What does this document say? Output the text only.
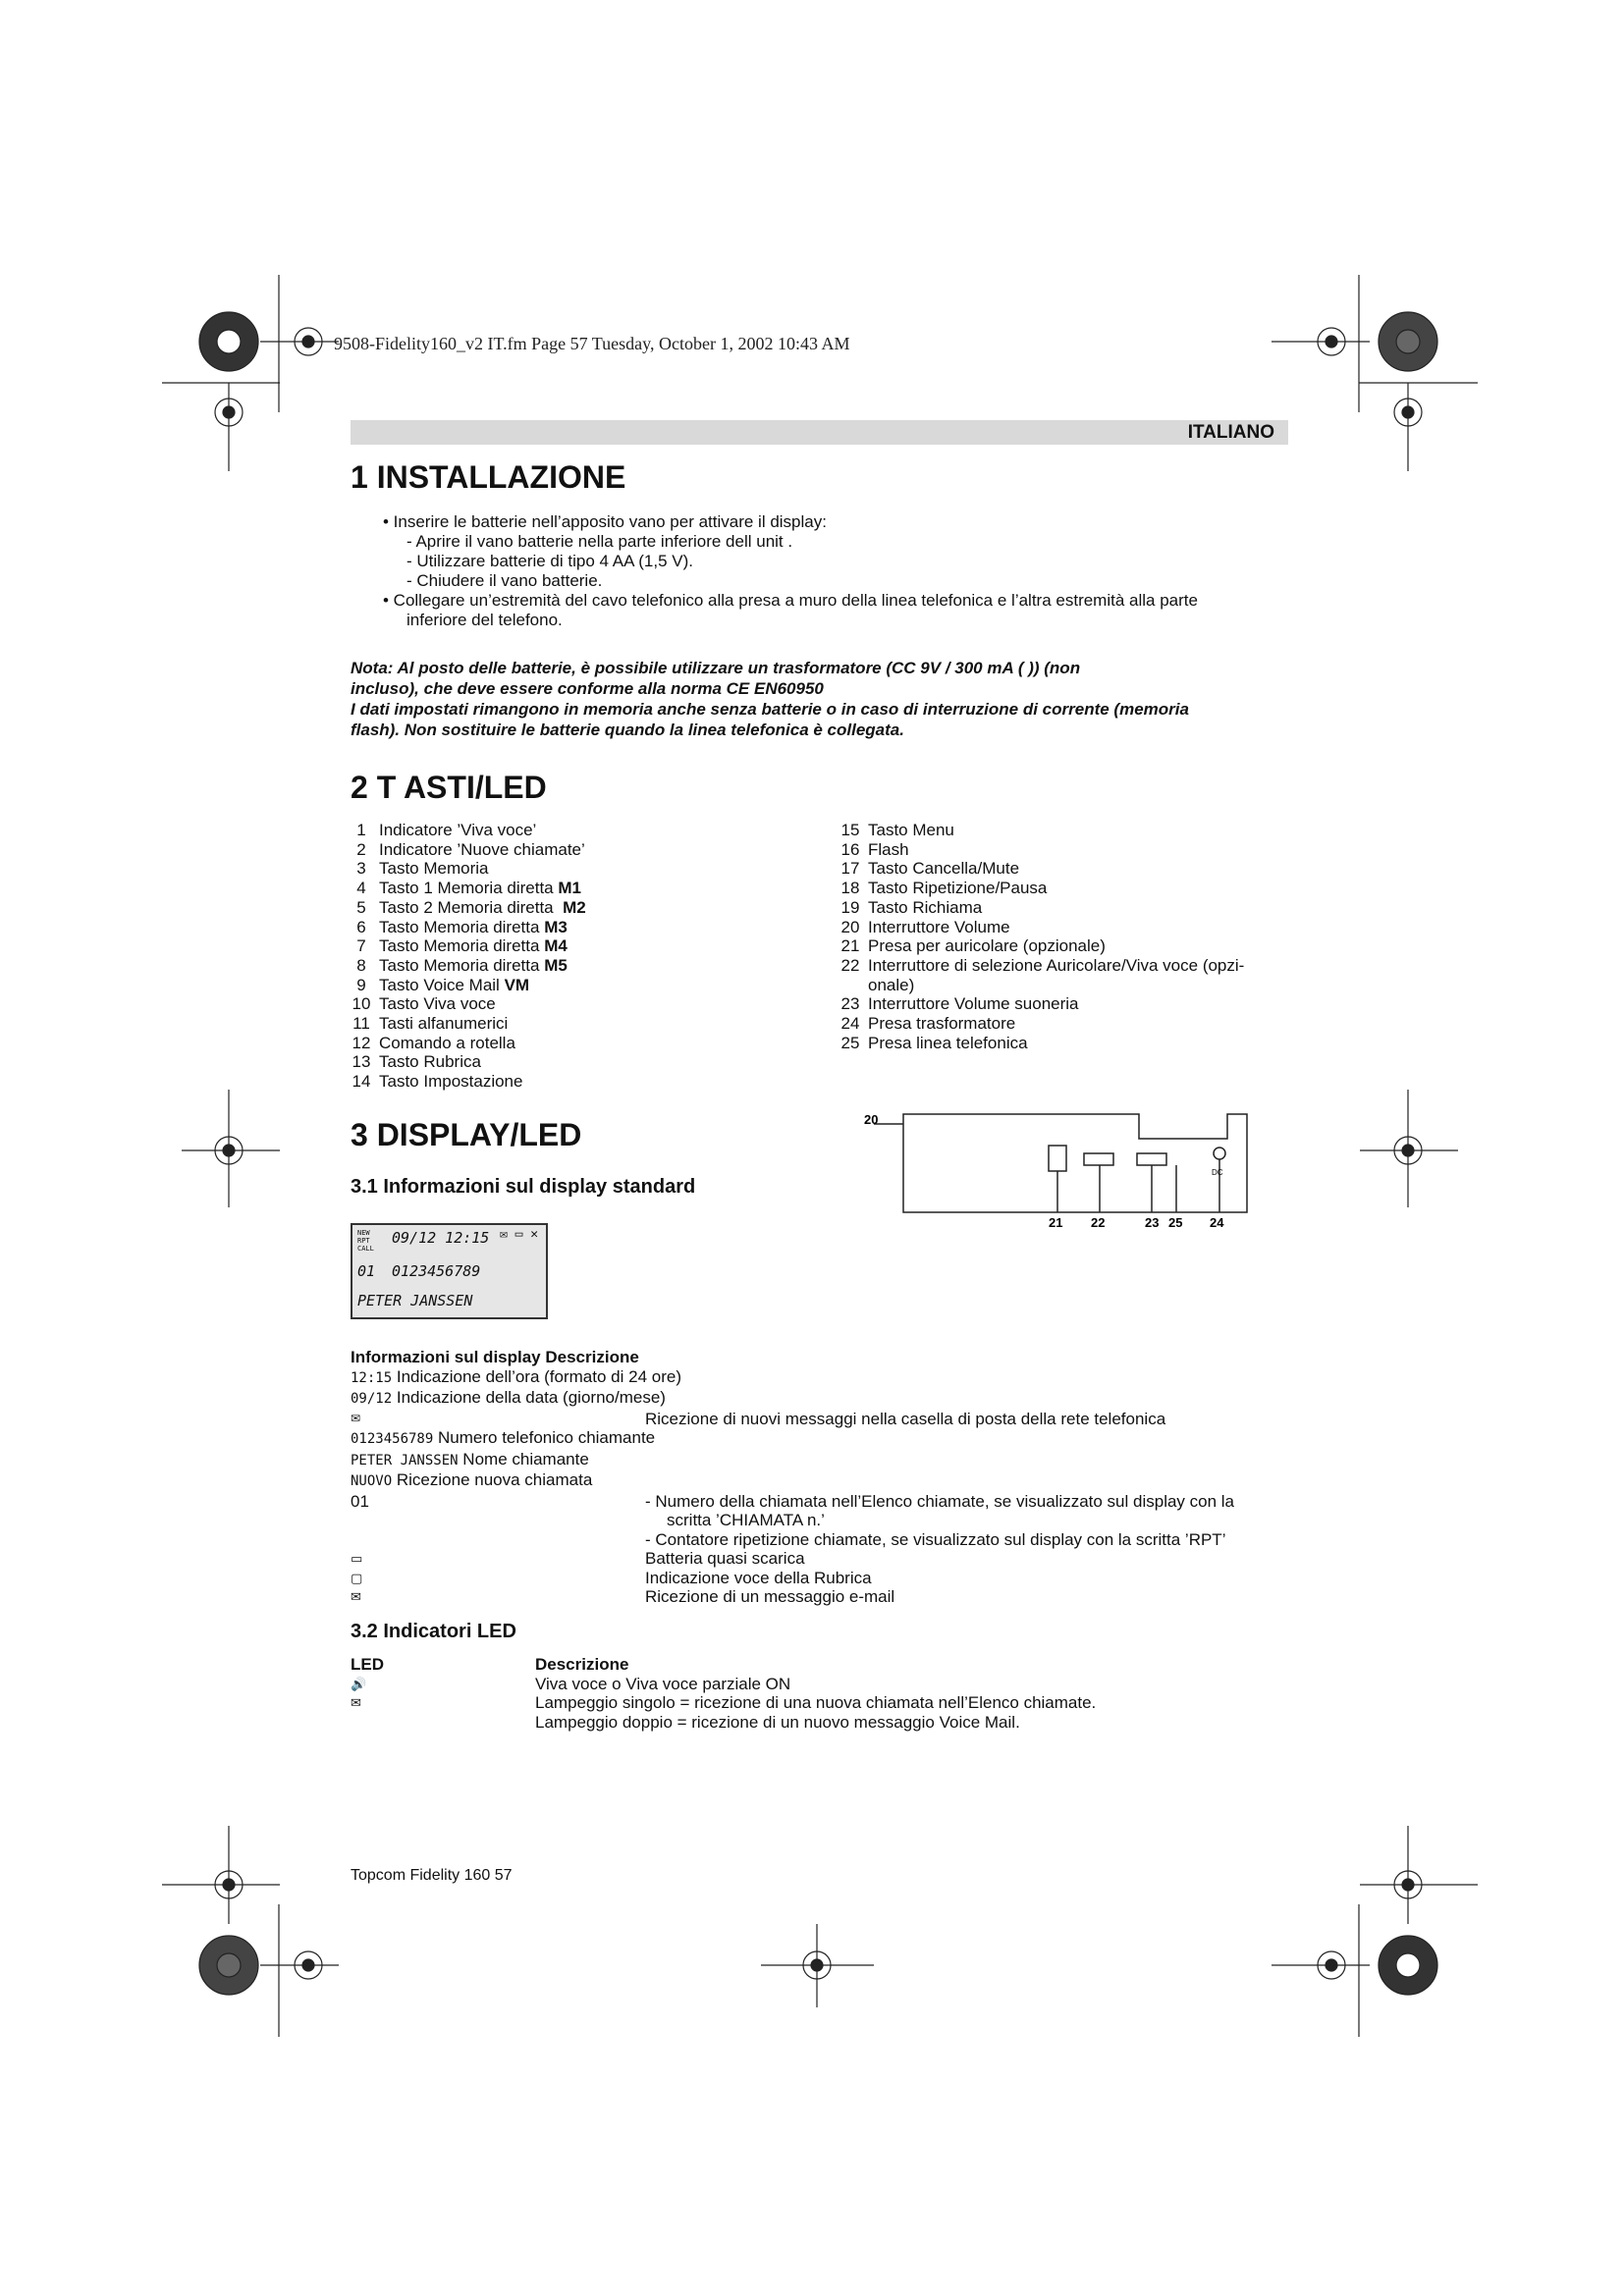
9508-Fidelity160_v2 IT.fm Page 57 Tuesday, October 1, 2002 10:43 AM
ITALIANO
1 INSTALLAZIONE
• Inserire le batterie nell’apposito vano per attivare il display:
- Aprire il vano batterie nella parte inferiore dell unit .
- Utilizzare batterie di tipo 4 AA (1,5 V).
- Chiudere il vano batterie.
• Collegare un’estremità del cavo telefonico alla presa a muro della linea telefonica e l’altra estremità alla parte
inferiore del telefono.
Nota: Al posto delle batterie, è possibile utilizzare un trasformatore (CC 9V / 300 mA ( )) (non
incluso), che deve essere conforme alla norma CE EN60950
I dati impostati rimangono in memoria anche senza batterie o in caso di interruzione di corrente (memoria
flash). Non sostituire le batterie quando la linea telefonica è collegata.
2 T ASTI/LED
1 Indicatore ’Viva voce’
2 Indicatore ’Nuove chiamate’
3 Tasto Memoria
4 Tasto 1 Memoria diretta M1
5 Tasto 2 Memoria diretta M2
6 Tasto Memoria diretta M3
7 Tasto Memoria diretta M4
8 Tasto Memoria diretta M5
9 Tasto Voice Mail VM
10 Tasto Viva voce
11 Tasti alfanumerici
12 Comando a rotella
13 Tasto Rubrica
14 Tasto Impostazione
15 Tasto Menu
16 Flash
17 Tasto Cancella/Mute
18 Tasto Ripetizione/Pausa
19 Tasto Richiama
20 Interruttore Volume
21 Presa per auricolare (opzionale)
22 Interruttore di selezione Auricolare/Viva voce (opzi-
onale)
23 Interruttore Volume suoneria
24 Presa trasformatore
25 Presa linea telefonica
3 DISPLAY/LED
3.1 Informazioni sul display standard
NEW
RPT
CALL
09/12 12:15 ✉ ▭ ✕
01 0123456789
PETER JANSSEN
20
21 22	23 25 24
DC
Informazioni sul display Descrizione
12:15 Indicazione dell’ora (formato di 24 ore)
09/12 Indicazione della data (giorno/mese)
✉	Ricezione di nuovi messaggi nella casella di posta della rete telefonica
0123456789 Numero telefonico chiamante
PETER JANSSEN Nome chiamante
NUOVO Ricezione nuova chiamata
01	- Numero della chiamata nell’Elenco chiamate, se visualizzato sul display con la
scritta ’CHIAMATA n.’
- Contatore ripetizione chiamate, se visualizzato sul display con la scritta ’RPT’
▭	Batteria quasi scarica
▢	Indicazione voce della Rubrica
✉	Ricezione di un messaggio e-mail
3.2 Indicatori LED
LED	Descrizione
🔊	Viva voce o Viva voce parziale ON
✉	Lampeggio singolo = ricezione di una nuova chiamata nell’Elenco chiamate.
Lampeggio doppio = ricezione di un nuovo messaggio Voice Mail.
Topcom Fidelity 160 57
